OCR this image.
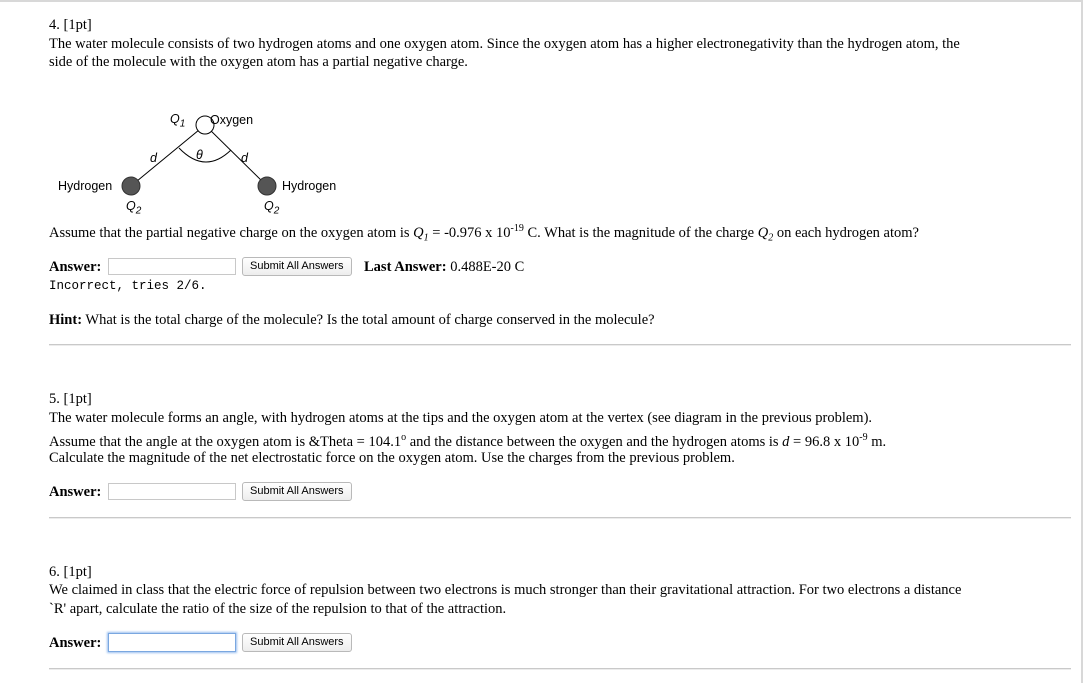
4. [1pt]
The water molecule consists of two hydrogen atoms and one oxygen atom. Since the oxygen atom has a higher electronegativity than the hydrogen atom, the
side of the molecule with the oxygen atom has a partial negative charge.
$Q_1$ Oxygen
d	θ	d
Hydrogen	Hydrogen
$Q_2$	$Q_2$
Assume that the partial negative charge on the oxygen atom is $Q_1 = -0.976$ x $10^{-19}$ C. What is the magnitude of the charge $Q_2$ on each hydrogen atom?
Answer:	Submit All Answers	Last Answer: 0.488E-20 C
Incorrect, tries 2/6.
Hint: What is the total charge of the molecule? Is the total amount of charge conserved in the molecule?
5. [1pt]
The water molecule forms an angle, with hydrogen atoms at the tips and the oxygen atom at the vertex (see diagram in the previous problem).
Assume that the angle at the oxygen atom is &Theta = $104.1^o$ and the distance between the oxygen and the hydrogen atoms is d = 96.8 x $10^{-9}$ m.
Calculate the magnitude of the net electrostatic force on the oxygen atom. Use the charges from the previous problem.
Answer:	Submit All Answers
6. [1pt]
We claimed in class that the electric force of repulsion between two electrons is much stronger than their gravitational attraction. For two electrons a distance
`R' apart, calculate the ratio of the size of the repulsion to that of the attraction.
Answer:	Submit All Answers
